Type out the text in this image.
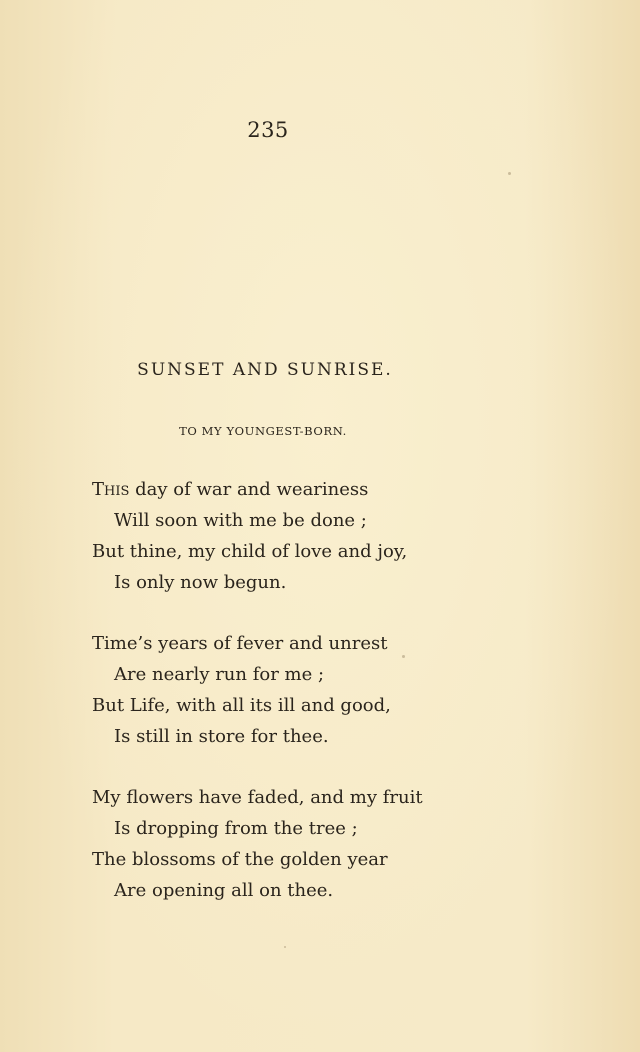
235
SUNSET AND SUNRISE.
TO MY YOUNGEST-BORN.
This day of war and weariness
Will soon with me be done ;
But thine, my child of love and joy,
Is only now begun.
Time’s years of fever and unrest
Are nearly run for me ;
But Life, with all its ill and good,
Is still in store for thee.
My flowers have faded, and my fruit
Is dropping from the tree ;
The blossoms of the golden year
Are opening all on thee.
